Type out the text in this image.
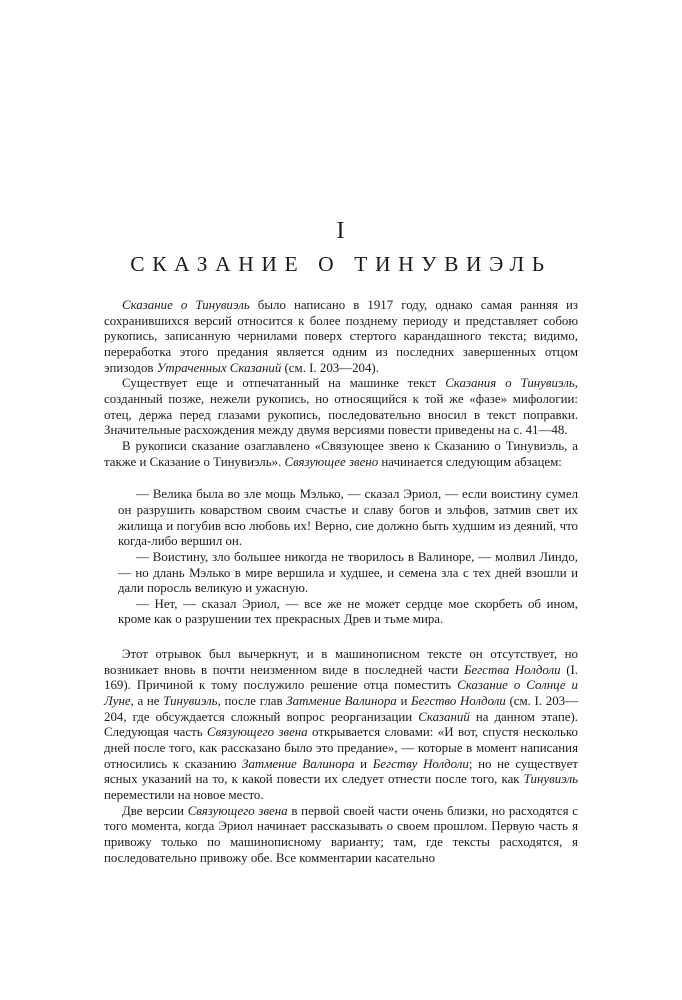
I
СКАЗАНИЕ О ТИНУВИЭЛЬ

Сказание о Тинувиэль было написано в 1917 году, однако самая ранняя из сохранившихся версий относится к более позднему периоду и представляет собою рукопись, записанную чернилами поверх стертого карандашного текста; видимо, переработка этого предания является одним из последних завершенных отцом эпизодов Утраченных Сказаний (см. I. 203—204).

Существует еще и отпечатанный на машинке текст Сказания о Тинувиэль, созданный позже, нежели рукопись, но относящийся к той же «фазе» мифологии: отец, держа перед глазами рукопись, последовательно вносил в текст поправки. Значительные расхождения между двумя версиями повести приведены на с. 41—48.

В рукописи сказание озаглавлено «Связующее звено к Сказанию о Тинувиэль, а также и Сказание о Тинувиэль». Связующее звено начинается следующим абзацем:

— Велика была во зле мощь Мэлько, — сказал Эриол, — если воистину сумел он разрушить коварством своим счастье и славу богов и эльфов, затмив свет их жилища и погубив всю любовь их! Верно, сие должно быть худшим из деяний, что когда-либо вершил он.

— Воистину, зло большее никогда не творилось в Валиноре, — молвил Линдо, — но длань Мэлько в мире вершила и худшее, и семена зла с тех дней взошли и дали поросль великую и ужасную.

— Нет, — сказал Эриол, — все же не может сердце мое скорбеть об ином, кроме как о разрушении тех прекрасных Древ и тьме мира.

Этот отрывок был вычеркнут, и в машинописном тексте он отсутствует, но возникает вновь в почти неизменном виде в последней части Бегства Нолдоли (I. 169). Причиной к тому послужило решение отца поместить Сказание о Солнце и Луне, а не Тинувиэль, после глав Затмение Валинора и Бегство Нолдоли (см. I. 203—204, где обсуждается сложный вопрос реорганизации Сказаний на данном этапе). Следующая часть Связующего звена открывается словами: «И вот, спустя несколько дней после того, как рассказано было это предание», — которые в момент написания относились к сказанию Затмение Валинора и Бегству Нолдоли; но не существует ясных указаний на то, к какой повести их следует отнести после того, как Тинувиэль переместили на новое место.

Две версии Связующего звена в первой своей части очень близки, но расходятся с того момента, когда Эриол начинает рассказывать о своем прошлом. Первую часть я привожу только по машинописному варианту; там, где тексты расходятся, я последовательно привожу обе. Все комментарии касательно
